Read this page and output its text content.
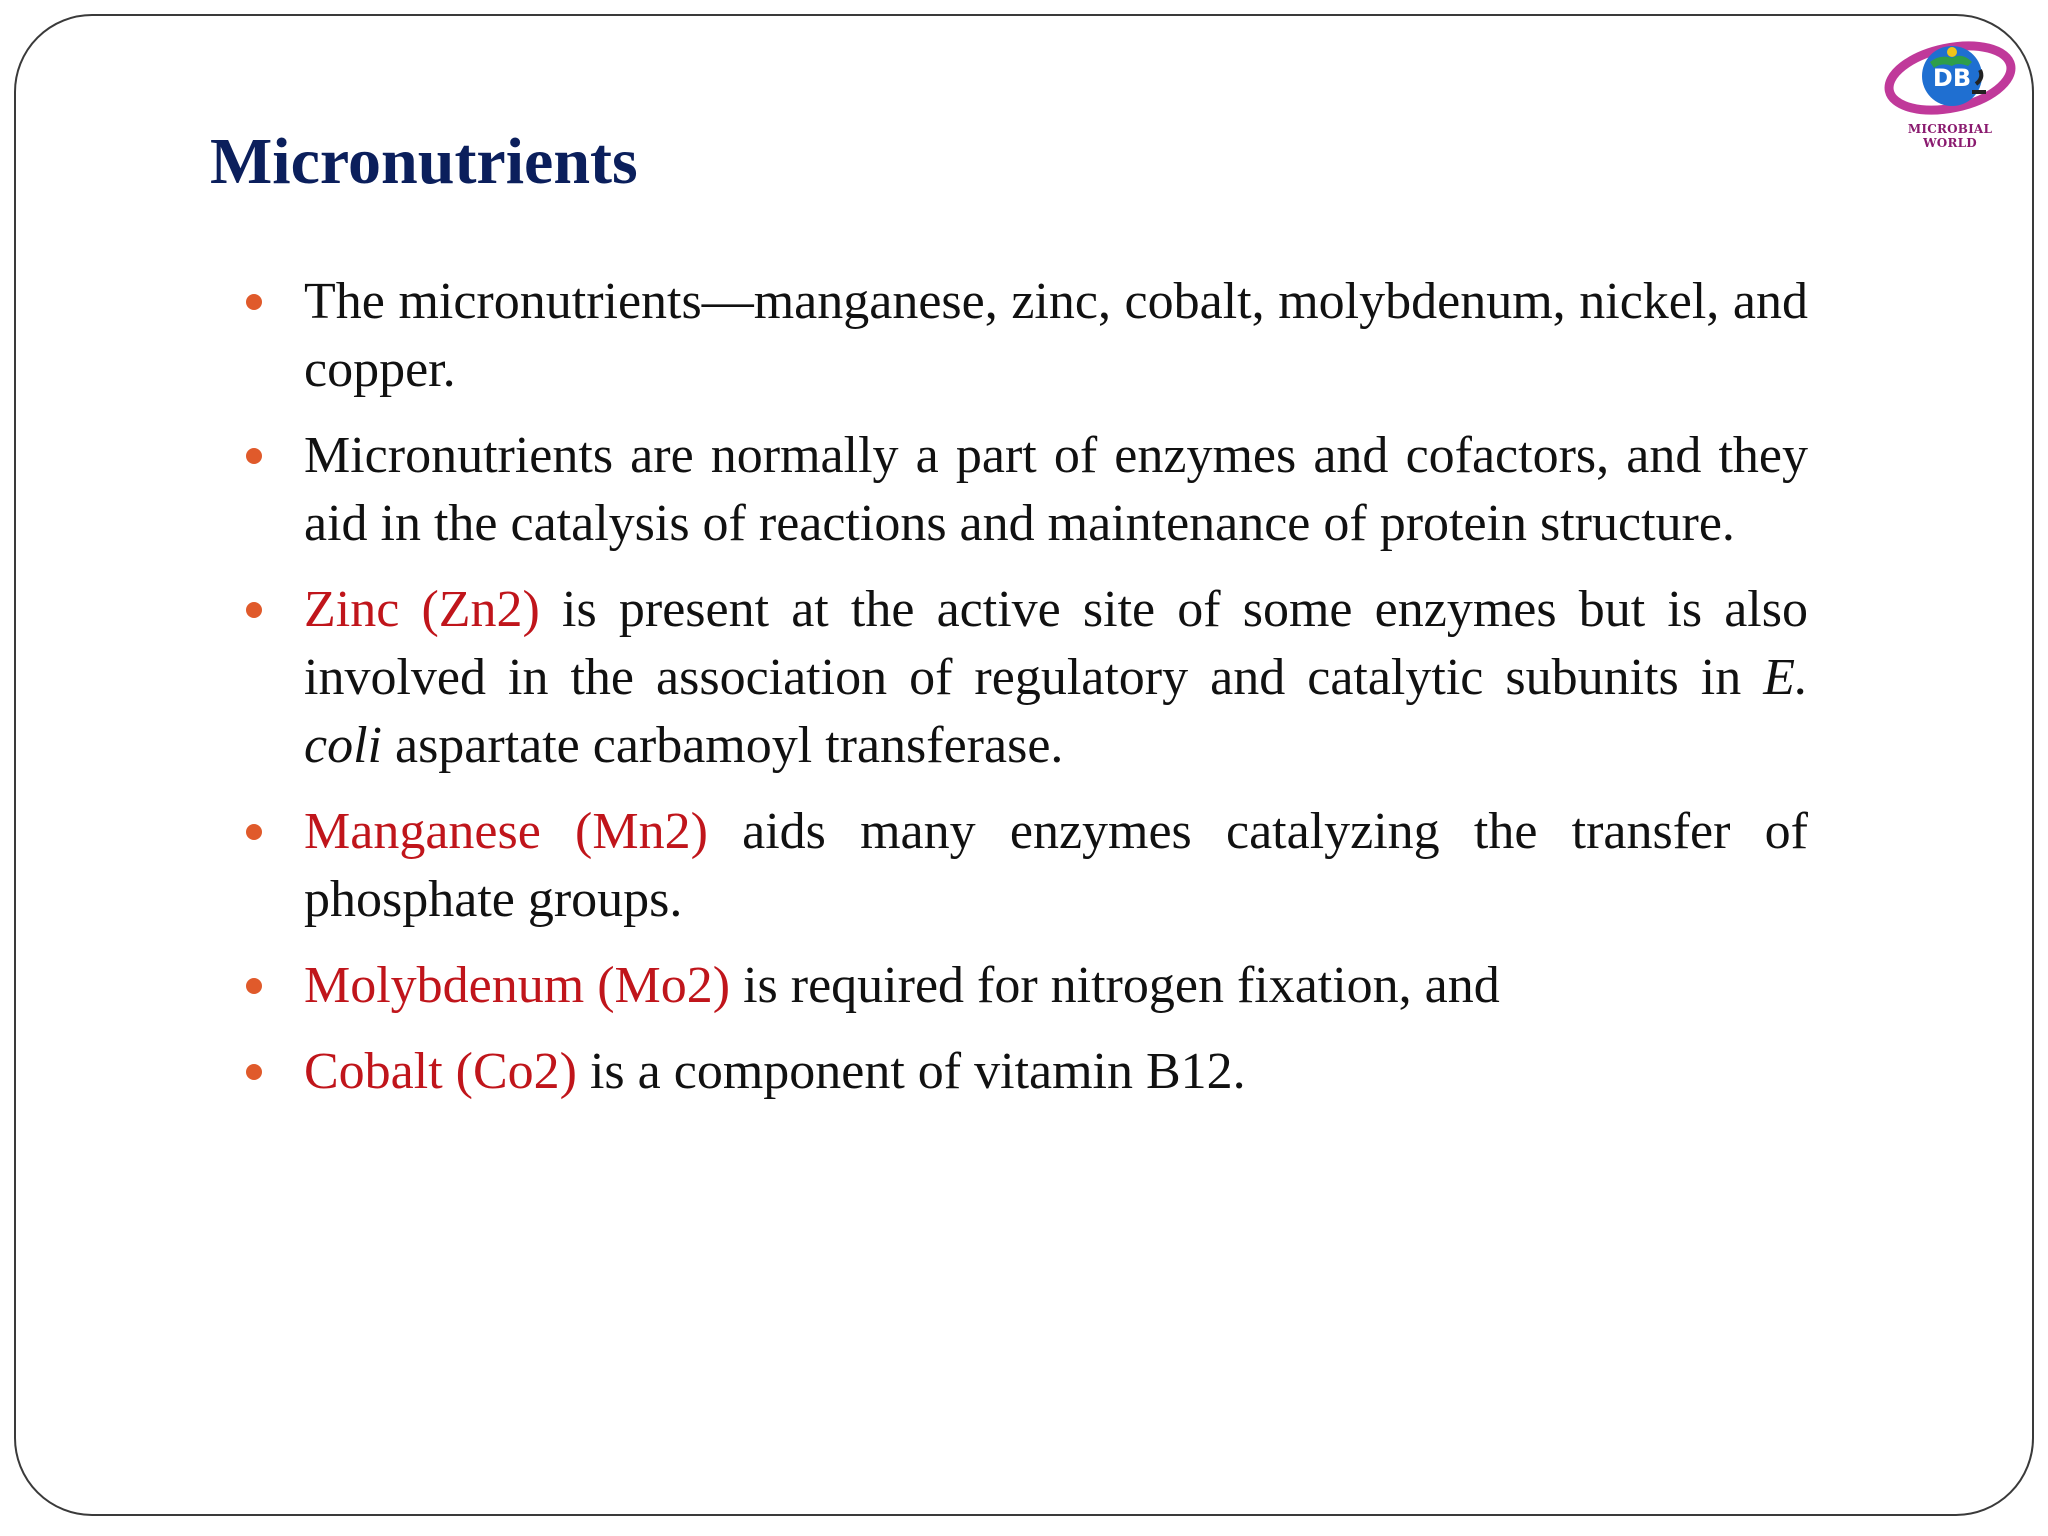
DB
MICROBIAL WORLD
Micronutrients
The micronutrients—manganese, zinc, cobalt, molybdenum, nickel, and copper.
Micronutrients are normally a part of enzymes and cofactors, and they aid in the catalysis of reactions and maintenance of protein structure.
Zinc (Zn2) is present at the active site of some enzymes but is also involved in the association of regulatory and catalytic subunits in E. coli aspartate carbamoyl transferase.
Manganese (Mn2) aids many enzymes catalyzing the transfer of phosphate groups.
Molybdenum (Mo2) is required for nitrogen fixation, and
Cobalt (Co2) is a component of vitamin B12.
